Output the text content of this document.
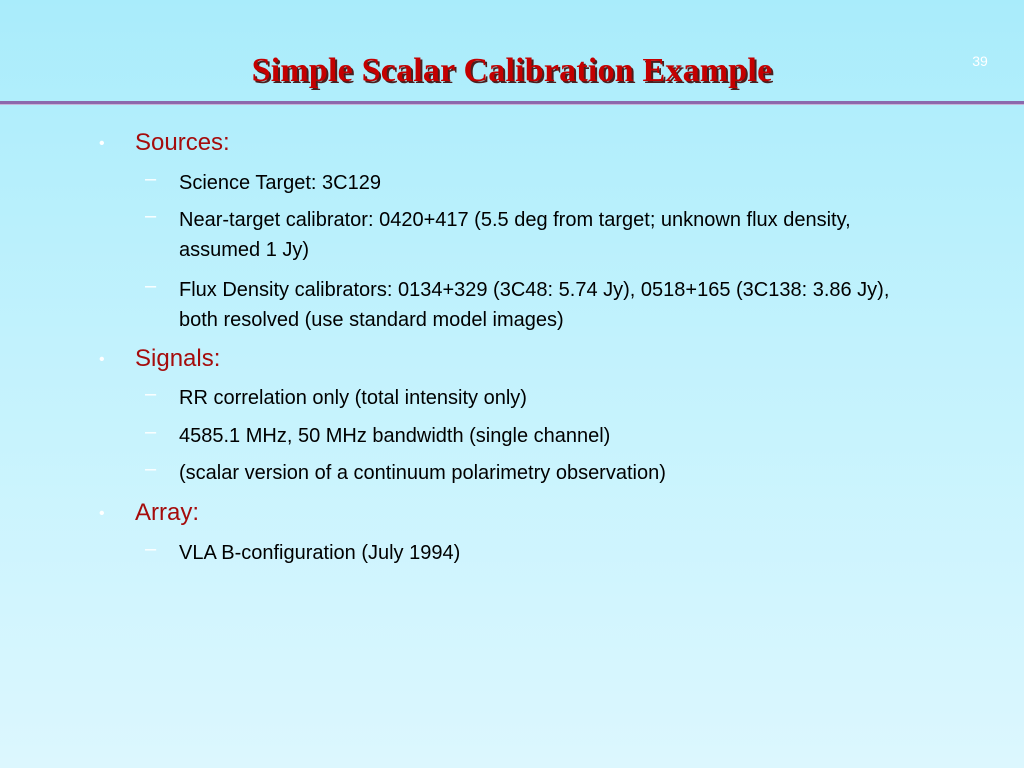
39
Simple Scalar Calibration Example
• Sources:
– Science Target: 3C129
– Near-target calibrator: 0420+417 (5.5 deg from target; unknown flux density, assumed 1 Jy)
– Flux Density calibrators: 0134+329 (3C48: 5.74 Jy), 0518+165 (3C138: 3.86 Jy), both resolved (use standard model images)
• Signals:
– RR correlation only (total intensity only)
– 4585.1 MHz, 50 MHz bandwidth (single channel)
– (scalar version of a continuum polarimetry observation)
• Array:
– VLA B-configuration (July 1994)
